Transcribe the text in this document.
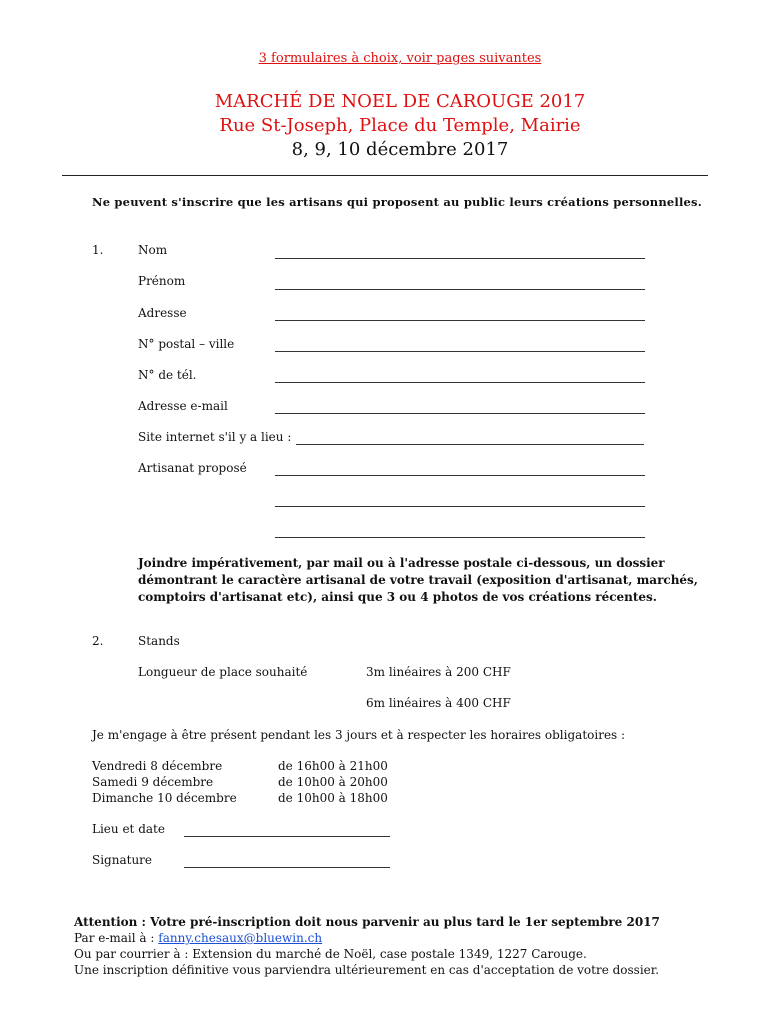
3 formulaires à choix, voir pages suivantes
MARCHÉ DE NOEL DE CAROUGE 2017
Rue St-Joseph, Place du Temple, Mairie
8, 9, 10 décembre 2017
Ne peuvent s'inscrire que les artisans qui proposent au public leurs créations personnelles.
1.	Nom
Prénom
Adresse
N° postal – ville
N° de tél.
Adresse e-mail
Site internet s'il y a lieu :
Artisanat proposé
Joindre impérativement, par mail ou à l'adresse postale ci-dessous, un dossier démontrant le caractère artisanal de votre travail (exposition d'artisanat, marchés, comptoirs d'artisanat etc), ainsi que 3 ou 4 photos de vos créations récentes.
2.	Stands
Longueur de place souhaité	3m linéaires à 200 CHF
6m linéaires à 400 CHF
Je m'engage à être présent pendant les 3 jours et à respecter les horaires obligatoires :
Vendredi 8 décembre	de 16h00 à 21h00
Samedi 9 décembre	de 10h00 à 20h00
Dimanche 10 décembre	de 10h00 à 18h00
Lieu et date
Signature
Attention : Votre pré-inscription doit nous parvenir au plus tard le 1er septembre 2017
Par e-mail à : fanny.chesaux@bluewin.ch
Ou par courrier à : Extension du marché de Noël, case postale 1349, 1227 Carouge.
Une inscription définitive vous parviendra ultérieurement en cas d'acceptation de votre dossier.
